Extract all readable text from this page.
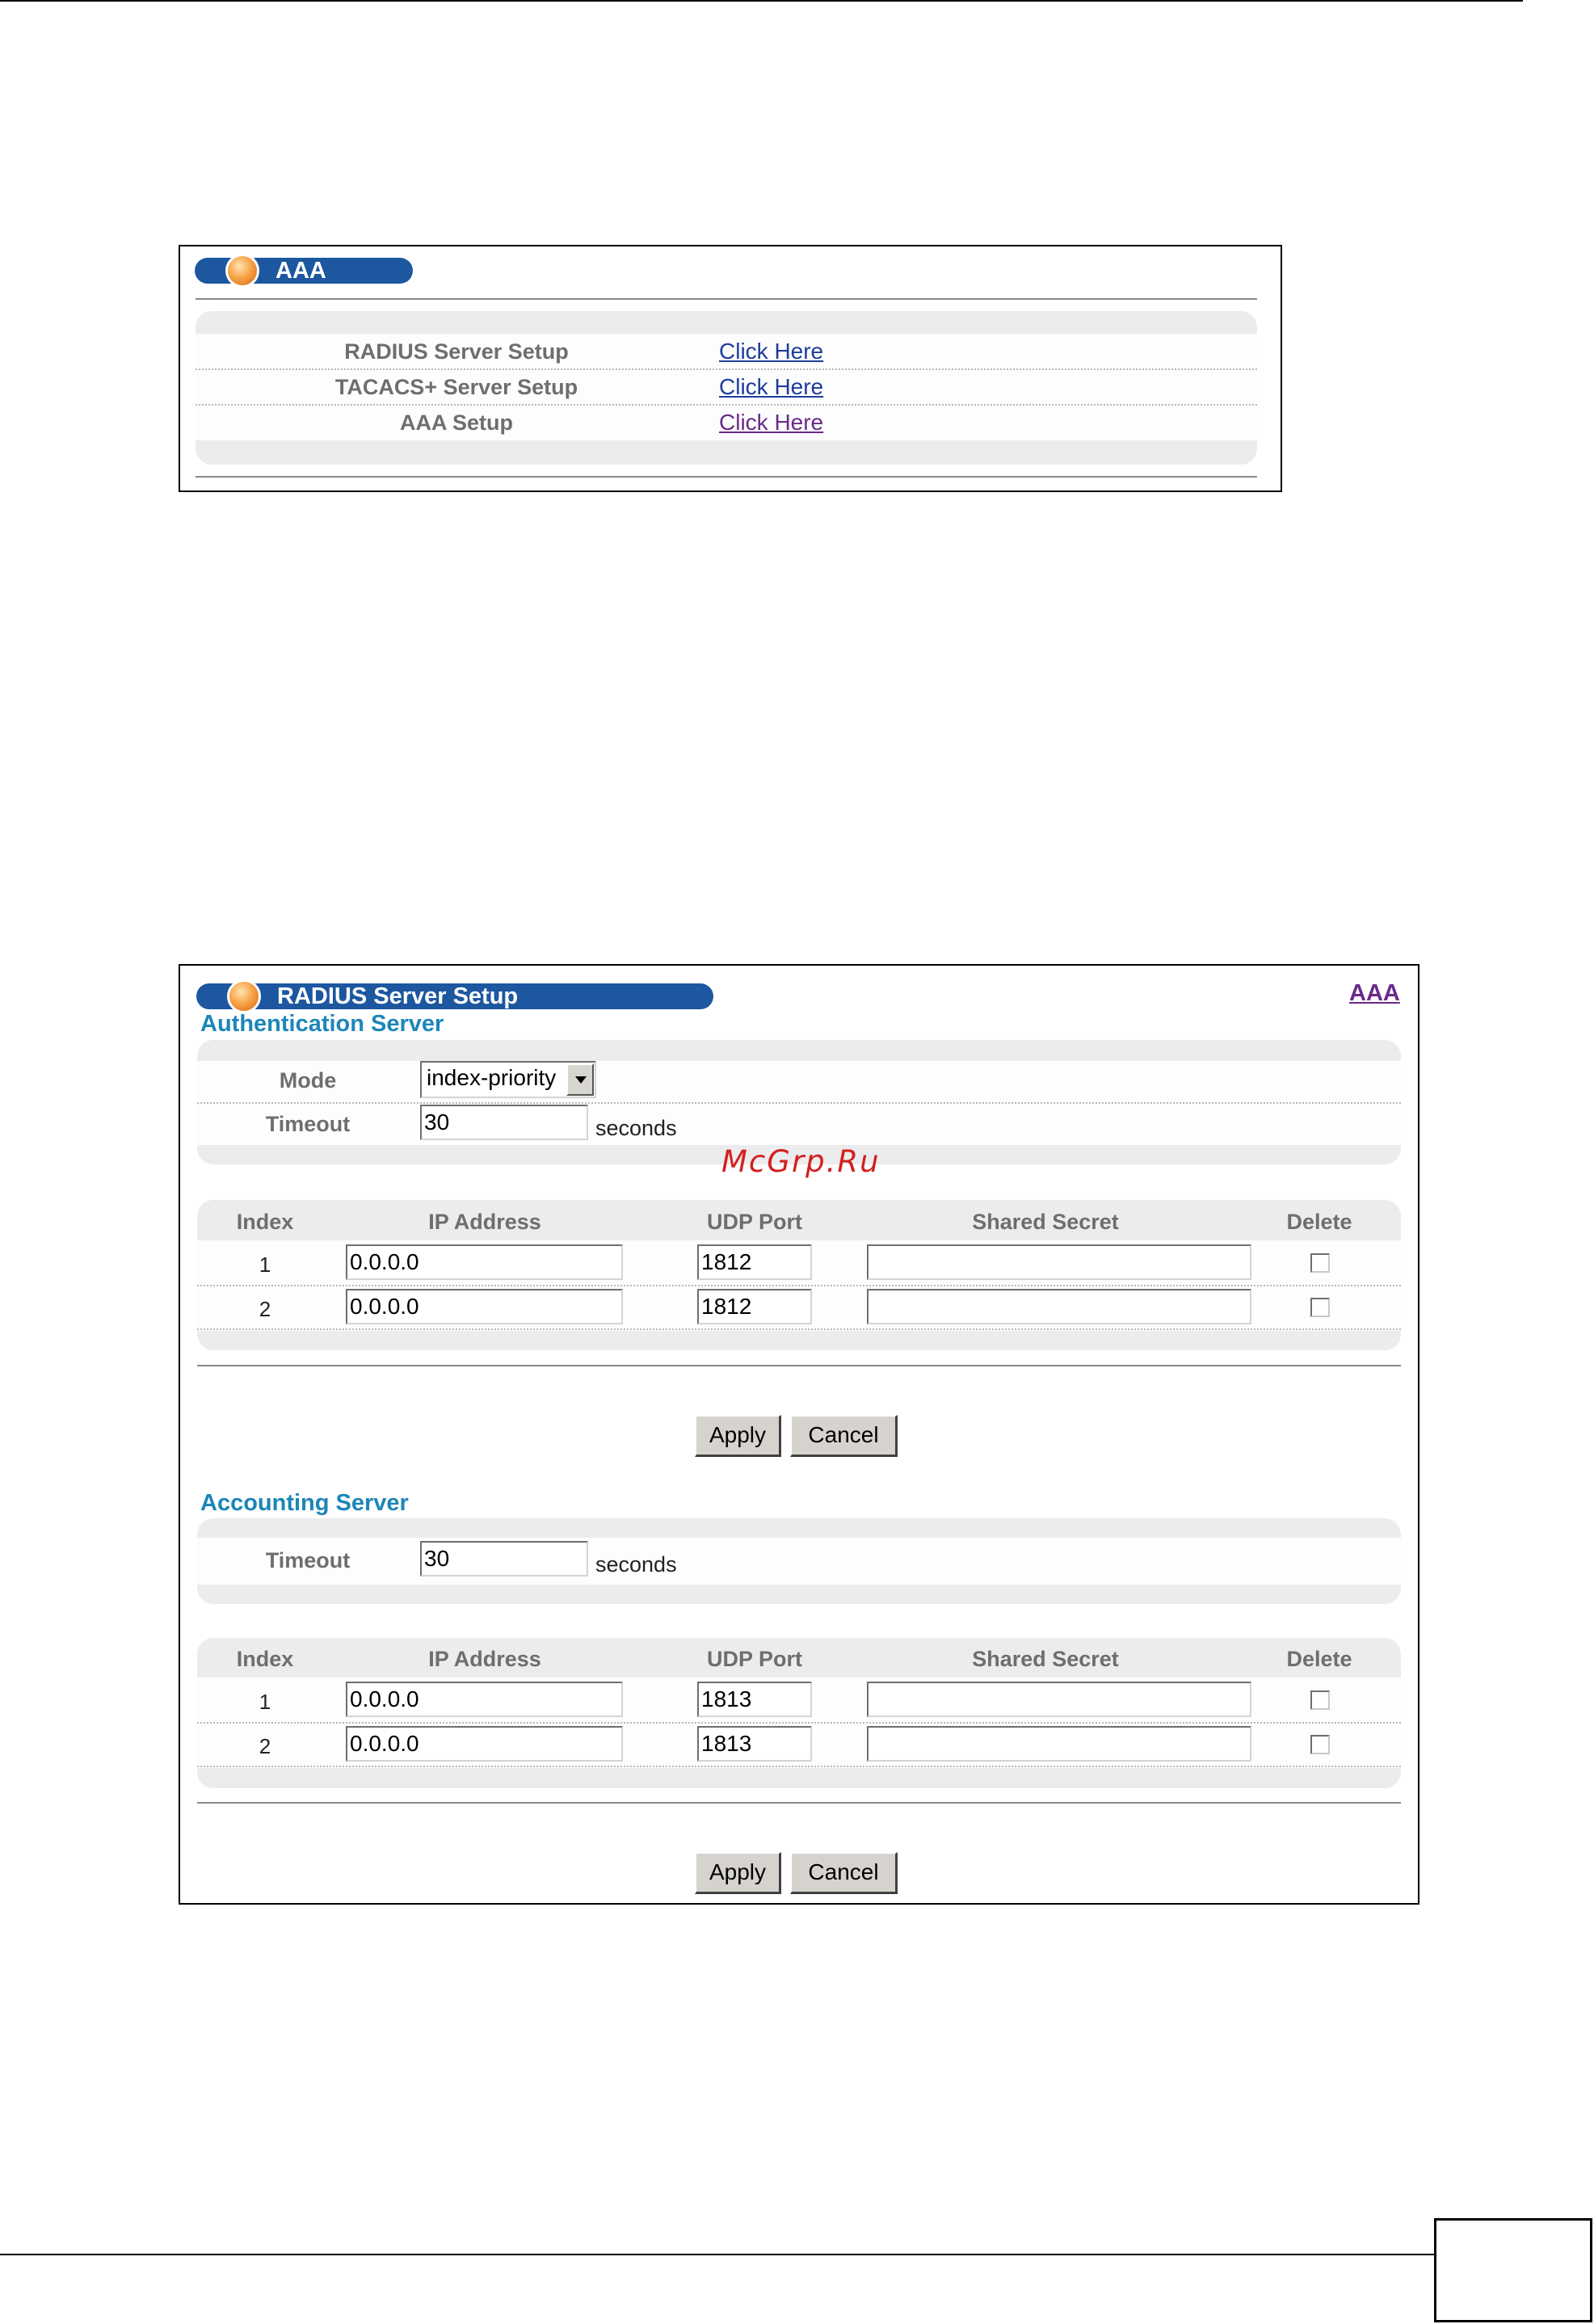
AAA
RADIUS Server Setup	Click Here
TACACS+ Server Setup	Click Here
AAA Setup	Click Here
RADIUS Server Setup	AAA
Authentication Server
Mode	index-priority
Timeout	30	seconds
Index	IP Address	UDP Port	Shared Secret	Delete
1	0.0.0.0	1812
2	0.0.0.0	1812
Apply	Cancel
Accounting Server
Timeout	30	seconds
Index	IP Address	UDP Port	Shared Secret	Delete
1	0.0.0.0	1813
2	0.0.0.0	1813
Apply	Cancel
McGrp.Ru
